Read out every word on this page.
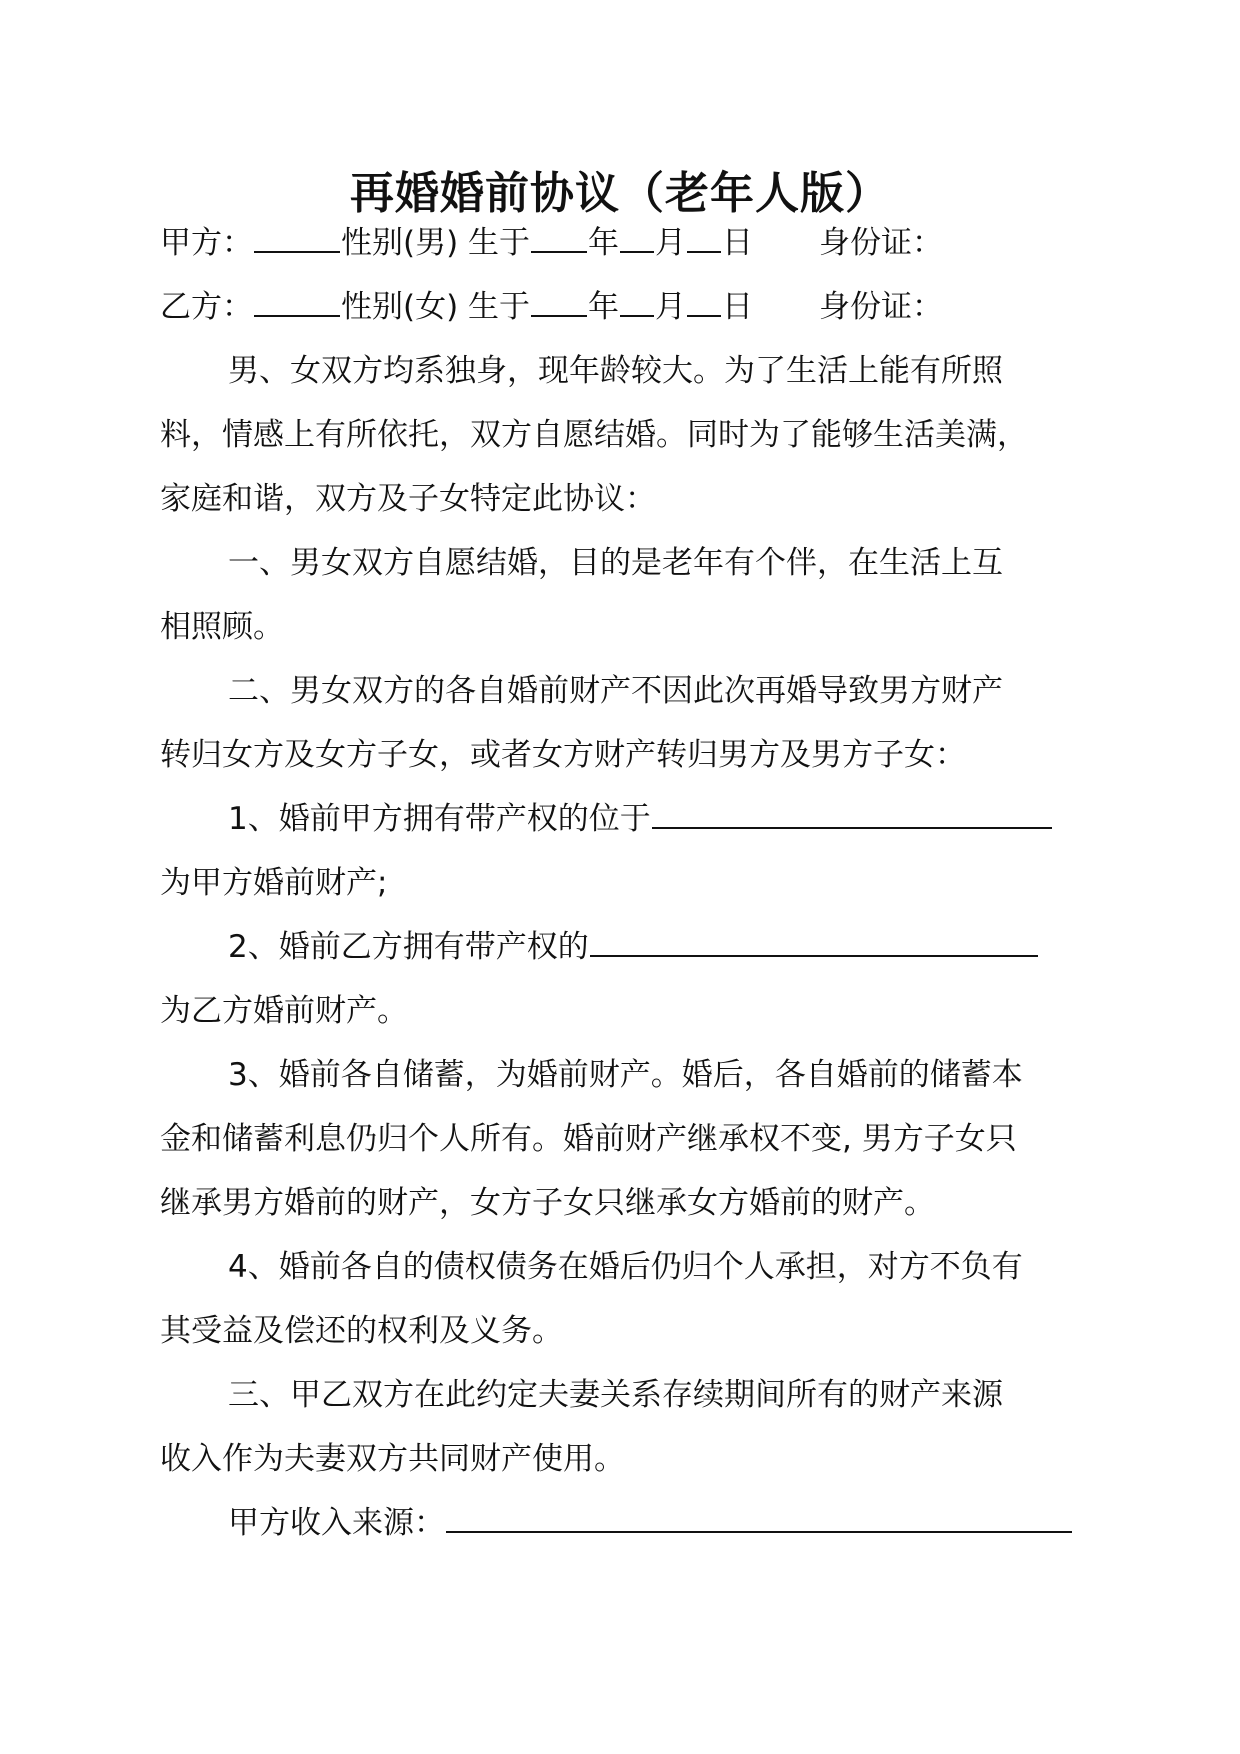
再婚婚前协议（老年人版）
甲方：	性别(男) 生于 年 月 日 身份证：
乙方：	性别(女) 生于 年 月 日 身份证：
男、女双方均系独身，现年龄较大。为了生活上能有所照
料，情感上有所依托，双方自愿结婚。同时为了能够生活美满，
家庭和谐，双方及子女特定此协议：
一、男女双方自愿结婚，目的是老年有个伴，在生活上互
相照顾。
二、男女双方的各自婚前财产不因此次再婚导致男方财产
转归女方及女方子女，或者女方财产转归男方及男方子女：
1、婚前甲方拥有带产权的位于
为甲方婚前财产;
2、婚前乙方拥有带产权的
为乙方婚前财产。
3、婚前各自储蓄，为婚前财产。婚后，各自婚前的储蓄本
金和储蓄利息仍归个人所有。婚前财产继承权不变, 男方子女只
继承男方婚前的财产，女方子女只继承女方婚前的财产。
4、婚前各自的债权债务在婚后仍归个人承担，对方不负有
其受益及偿还的权利及义务。
三、甲乙双方在此约定夫妻关系存续期间所有的财产来源
收入作为夫妻双方共同财产使用。
甲方收入来源：
